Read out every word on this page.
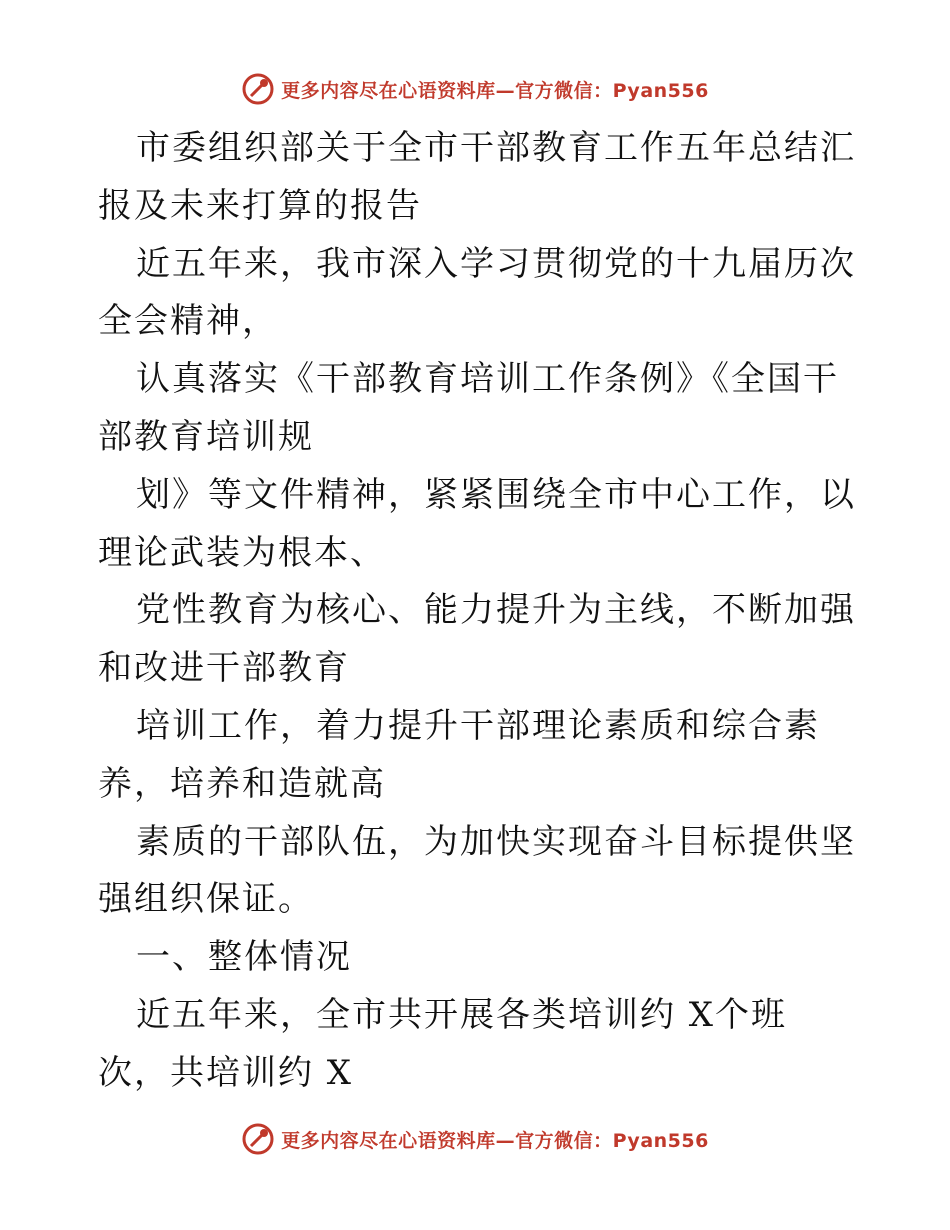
更多内容尽在心语资料库—官方微信：Pyan556

市委组织部关于全市干部教育工作五年总结汇报及未来打算的报告

近五年来，我市深入学习贯彻党的十九届历次全会精神，

认真落实《干部教育培训工作条例》《全国干部教育培训规

划》等文件精神，紧紧围绕全市中心工作，以理论武装为根本、

党性教育为核心、能力提升为主线，不断加强和改进干部教育

培训工作，着力提升干部理论素质和综合素养，培养和造就高

素质的干部队伍，为加快实现奋斗目标提供坚强组织保证。

一、整体情况

近五年来，全市共开展各类培训约 X个班次，共培训约 X

更多内容尽在心语资料库—官方微信：Pyan556
